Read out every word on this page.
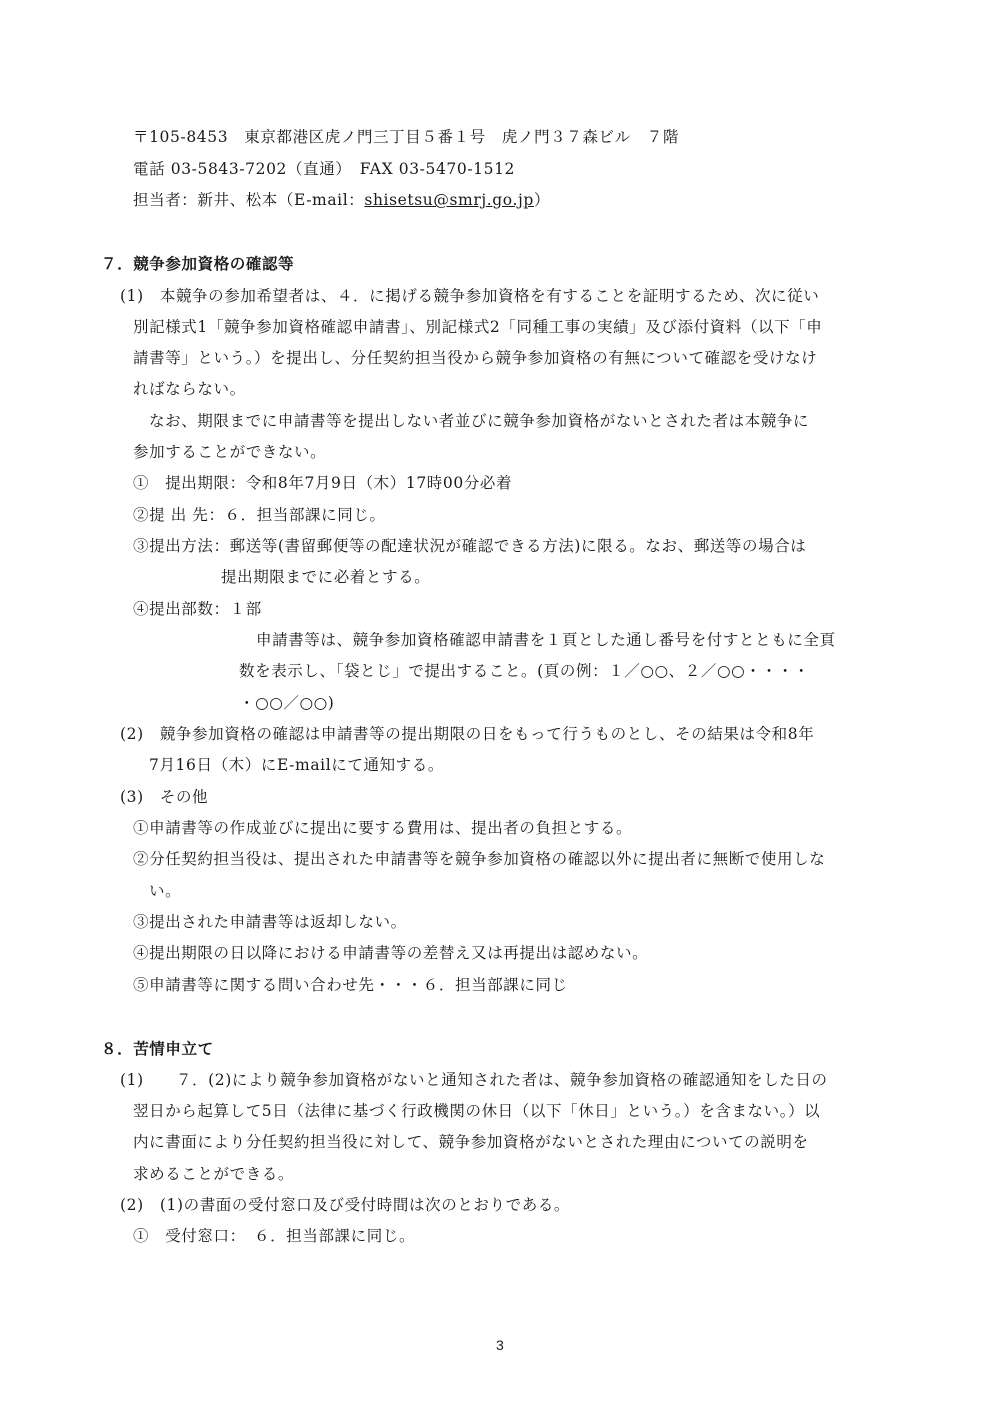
〒105-8453　東京都港区虎ノ門三丁目５番１号　虎ノ門３７森ビル　７階
電話 03-5843-7202（直通）　FAX 03-5470-1512
担当者：新井、松本（E-mail：shisetsu@smrj.go.jp）
７．競争参加資格の確認等
(1)　本競争の参加希望者は、４．に掲げる競争参加資格を有することを証明するため、次に従い
別記様式1「競争参加資格確認申請書」、別記様式2「同種工事の実績」及び添付資料（以下「申
請書等」という。）を提出し、分任契約担当役から競争参加資格の有無について確認を受けなけ
ればならない。
なお、期限までに申請書等を提出しない者並びに競争参加資格がないとされた者は本競争に
参加することができない。
①　提出期限：令和8年7月9日（木）17時00分必着
②提 出 先：６．担当部課に同じ。
③提出方法：郵送等(書留郵便等の配達状況が確認できる方法)に限る。なお、郵送等の場合は
提出期限までに必着とする。
④提出部数：１部
申請書等は、競争参加資格確認申請書を１頁とした通し番号を付すとともに全頁
数を表示し、「袋とじ」で提出すること。(頁の例：１／○○、２／○○・・・・
・○○／○○)
(2)　競争参加資格の確認は申請書等の提出期限の日をもって行うものとし、その結果は令和8年
7月16日（木）にE-mailにて通知する。
(3)　その他
①申請書等の作成並びに提出に要する費用は、提出者の負担とする。
②分任契約担当役は、提出された申請書等を競争参加資格の確認以外に提出者に無断で使用しな
い。
③提出された申請書等は返却しない。
④提出期限の日以降における申請書等の差替え又は再提出は認めない。
⑤申請書等に関する問い合わせ先・・・６．担当部課に同じ
８．苦情申立て
(1)　　７．(2)により競争参加資格がないと通知された者は、競争参加資格の確認通知をした日の
翌日から起算して5日（法律に基づく行政機関の休日（以下「休日」という。）を含まない。）以
内に書面により分任契約担当役に対して、競争参加資格がないとされた理由についての説明を
求めることができる。
(2)　(1)の書面の受付窓口及び受付時間は次のとおりである。
①　受付窓口：　６．担当部課に同じ。
3
